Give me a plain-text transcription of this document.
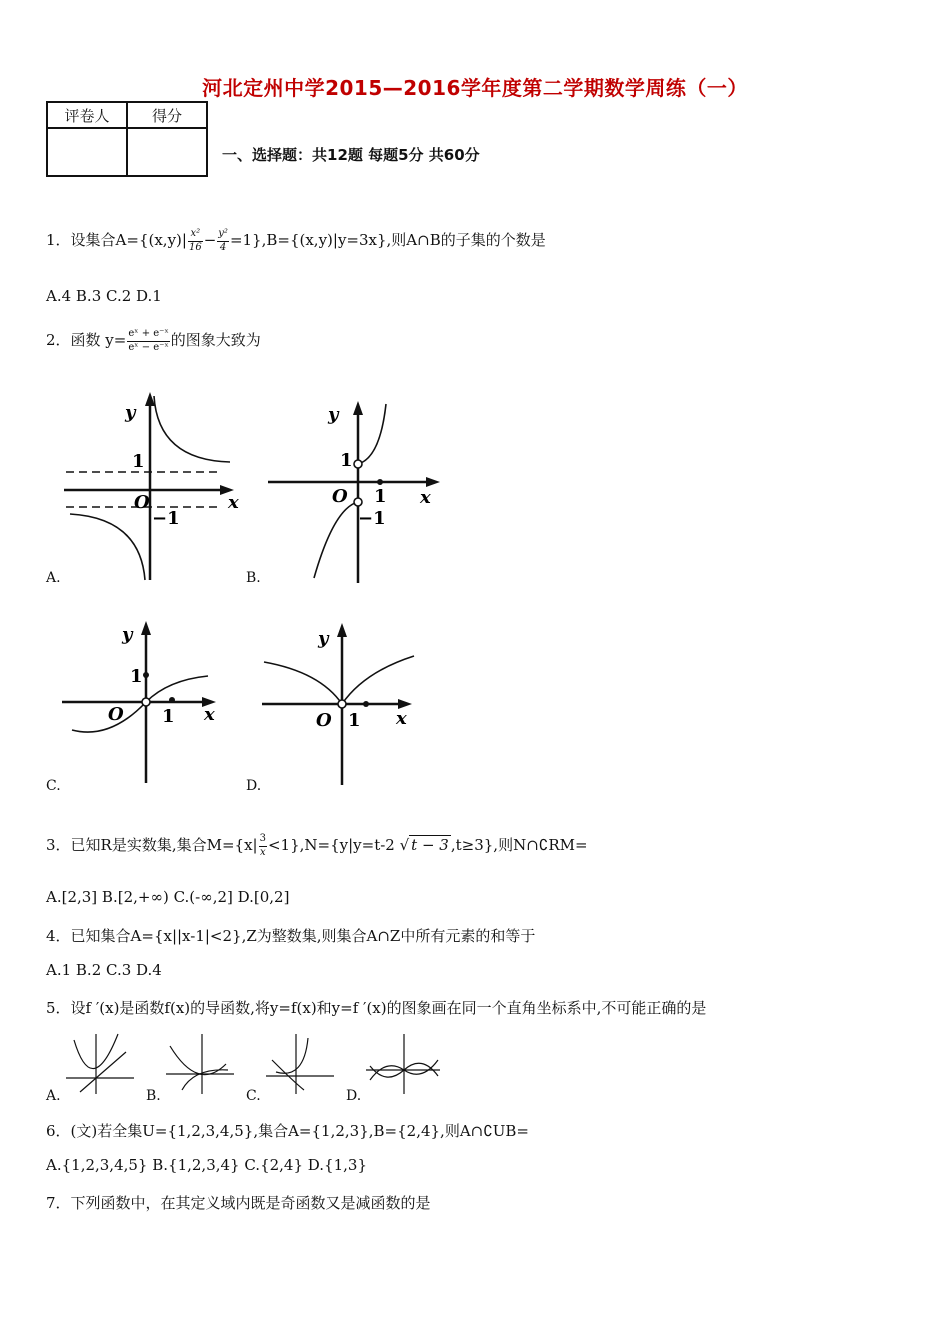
河北定州中学2015—2016学年度第二学期数学周练（一）
评卷人	得分

一、选择题：共12题 每题5分 共60分
1．设集合$A=\{(x,y)| \frac{\text{x²}}{16} - \frac{\text{y²}}{4} =1\},B=\{(x,y)|y=3x\}$,则A∩B的子集的个数是
A.4 B.3 C.2 D.1
2．函数 $y= \frac{\text{eˣ + e⁻ˣ}}{\text{eˣ − e⁻ˣ}}$ 的图象大致为
y
x
O
1
−1
A.
y
x
O
1
1
−1
B.
y
x
O
1
1
C.
y
x
O 1
D.
3．已知R是实数集,集合$M=\{x| \frac{3}{x} <1\},N=\{y|y=t-2$ √ t − 3 ,t≥3},则N∩∁RM=
A.[2,3] B.[2,+∞) C.(-∞,2] D.[0,2]
4．已知集合A={x||x-1|<2},Z为整数集,则集合A∩Z中所有元素的和等于
A.1 B.2 C.3 D.4
5．设f ′(x)是函数f(x)的导函数,将y=f(x)和y=f ′(x)的图象画在同一个直角坐标系中,不可能正确的是
A.	B.	C.	D.
6．(文)若全集U={1,2,3,4,5},集合A={1,2,3},B={2,4},则A∩∁UB=
A.{1,2,3,4,5} B.{1,2,3,4} C.{2,4} D.{1,3}
7．下列函数中，在其定义域内既是奇函数又是减函数的是
